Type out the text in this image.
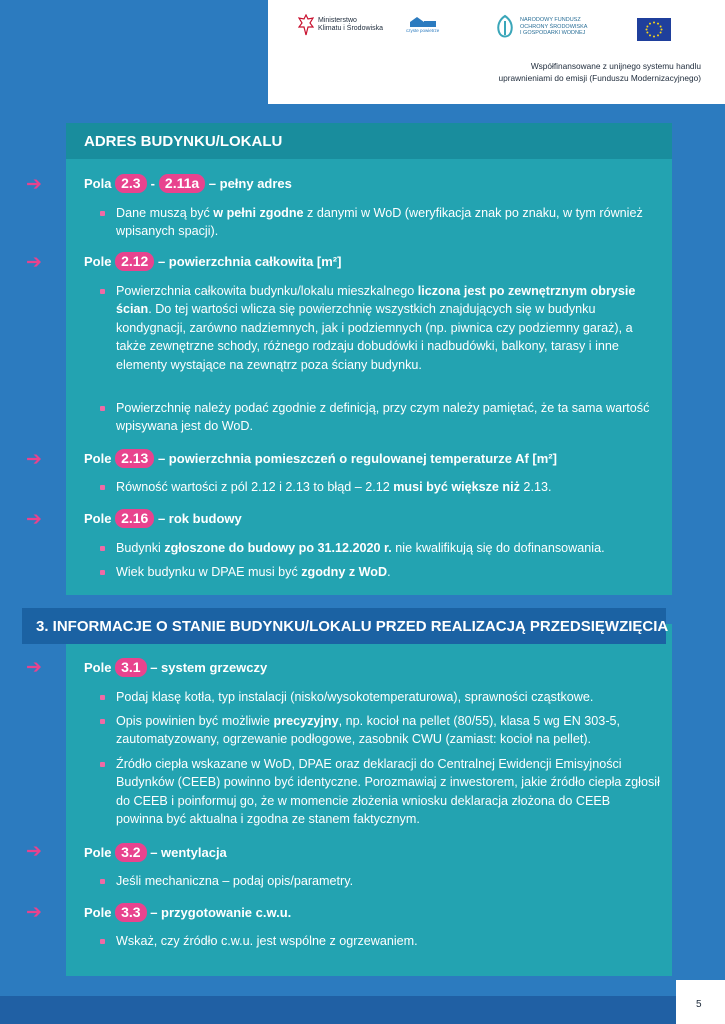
Ministerstwo
Klimatu i Środowiska	czyste powietrze
NARODOWY FUNDUSZ
OCHRONY ŚRODOWISKA
I GOSPODARKI WODNEJ
Współfinansowane z unijnego systemu handlu
uprawnieniami do emisji (Funduszu Modernizacyjnego)
ADRES BUDYNKU/LOKALU
➔	Pola
2.3 - 2.11a
– pełny adres
Dane muszą być w pełni zgodne z danymi w WoD (weryfikacja znak po znaku, w tym również wpisanych spacji).
➔	Pole
2.12
– powierzchnia całkowita [m²]
Powierzchnia całkowita budynku/lokalu mieszkalnego liczona jest po zewnętrznym obrysie ścian. Do tej wartości wlicza się powierzchnię wszystkich znajdujących się w budynku kondygnacji, zarówno nadziemnych, jak i podziemnych (np. piwnica czy podziemny garaż), a także zewnętrzne schody, różnego rodzaju dobudówki i nadbudówki, balkony, tarasy i inne elementy wystające na zewnątrz poza ściany budynku.
Powierzchnię należy podać zgodnie z definicją, przy czym należy pamiętać, że ta sama wartość wpisywana jest do WoD.
➔	Pole
2.13
– powierzchnia pomieszczeń o regulowanej temperaturze Af [m²]
Równość wartości z pól 2.12 i 2.13 to błąd – 2.12 musi być większe niż 2.13.
➔	Pole
2.16
– rok budowy
Budynki zgłoszone do budowy po 31.12.2020 r. nie kwalifikują się do dofinansowania.
Wiek budynku w DPAE musi być zgodny z WoD.
3. INFORMACJE O STANIE BUDYNKU/LOKALU PRZED REALIZACJĄ PRZEDSIĘWZIĘCIA
➔	Pole
3.1
– system grzewczy
Podaj klasę kotła, typ instalacji (nisko/wysokotemperaturowa), sprawności cząstkowe.
Opis powinien być możliwie precyzyjny, np. kocioł na pellet (80/55), klasa 5 wg EN 303-5, zautomatyzowany, ogrzewanie podłogowe, zasobnik CWU (zamiast: kocioł na pellet).
Źródło ciepła wskazane w WoD, DPAE oraz deklaracji do Centralnej Ewidencji Emisyjności Budynków (CEEB) powinno być identyczne. Porozmawiaj z inwestorem, jakie źródło ciepła zgłosił do CEEB i poinformuj go, że w momencie złożenia wniosku deklaracja złożona do CEEB powinna być aktualna i zgodna ze stanem faktycznym.
➔	Pole
3.2
– wentylacja
Jeśli mechaniczna – podaj opis/parametry.
➔	Pole
3.3
– przygotowanie c.w.u.
Wskaż, czy źródło c.w.u. jest wspólne z ogrzewaniem.
5
